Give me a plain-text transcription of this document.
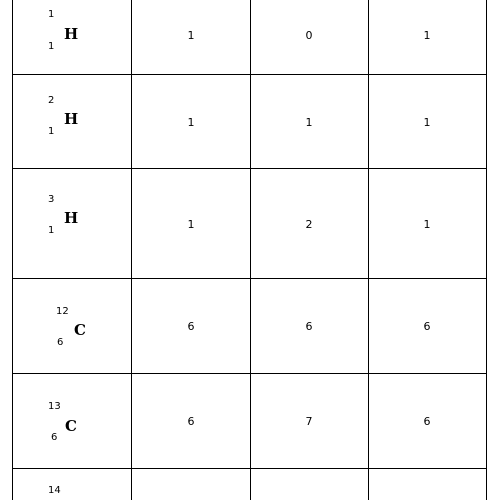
1
1
H	1	0	1
2
1
H	1	1	1
3
1
H	1	2	1
12
6
C	6	6	6
13
6
C	6	7	6
14
